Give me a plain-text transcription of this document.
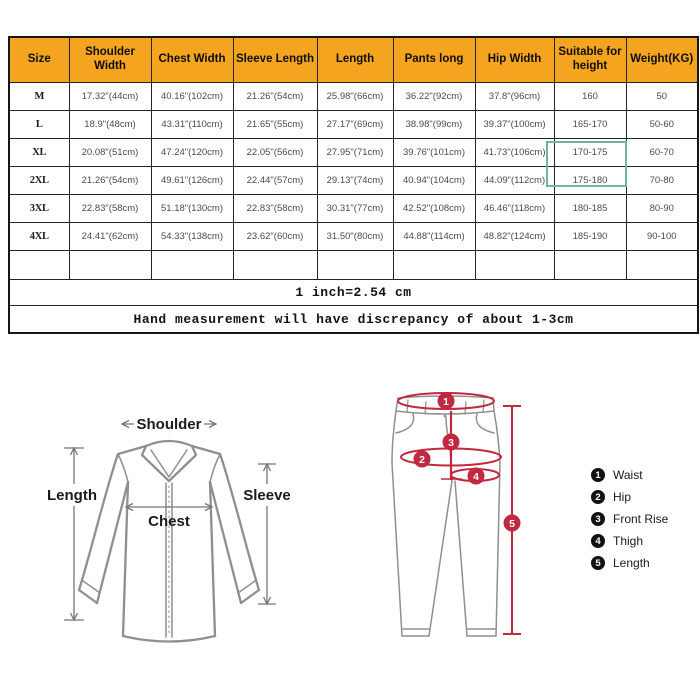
Size	Shoulder Width	Chest Width	Sleeve Length	Length	Pants long	Hip Width	Suitable for height	Weight(KG)
M	17.32"(44cm)	40.16"(102cm)	21.26"(54cm)	25.98"(66cm)	36.22"(92cm)	37.8"(96cm)	160	50
L	18.9"(48cm)	43.31"(110cm)	21.65"(55cm)	27.17"(69cm)	38.98"(99cm)	39.37"(100cm)	165-170	50-60
XL	20.08"(51cm)	47.24"(120cm)	22.05"(56cm)	27.95"(71cm)	39.76"(101cm)	41.73"(106cm)	170-175	60-70
2XL	21.26"(54cm)	49.61"(126cm)	22.44"(57cm)	29.13"(74cm)	40.94"(104cm)	44.09"(112cm)	175-180	70-80
3XL	22.83"(58cm)	51.18"(130cm)	22.83"(58cm)	30.31"(77cm)	42.52"(108cm)	46.46"(118cm)	180-185	80-90
4XL	24.41"(62cm)	54.33"(138cm)	23.62"(60cm)	31.50"(80cm)	44.88"(114cm)	48.82"(124cm)	185-190	90-100

1 inch=2.54 cm								
Hand measurement will have discrepancy of about 1-3cm								
Shoulder
Length	Sleeve
Chest
1
2
3
4
5
1	Waist
2	Hip
3	Front Rise
4	Thigh
5	Length
